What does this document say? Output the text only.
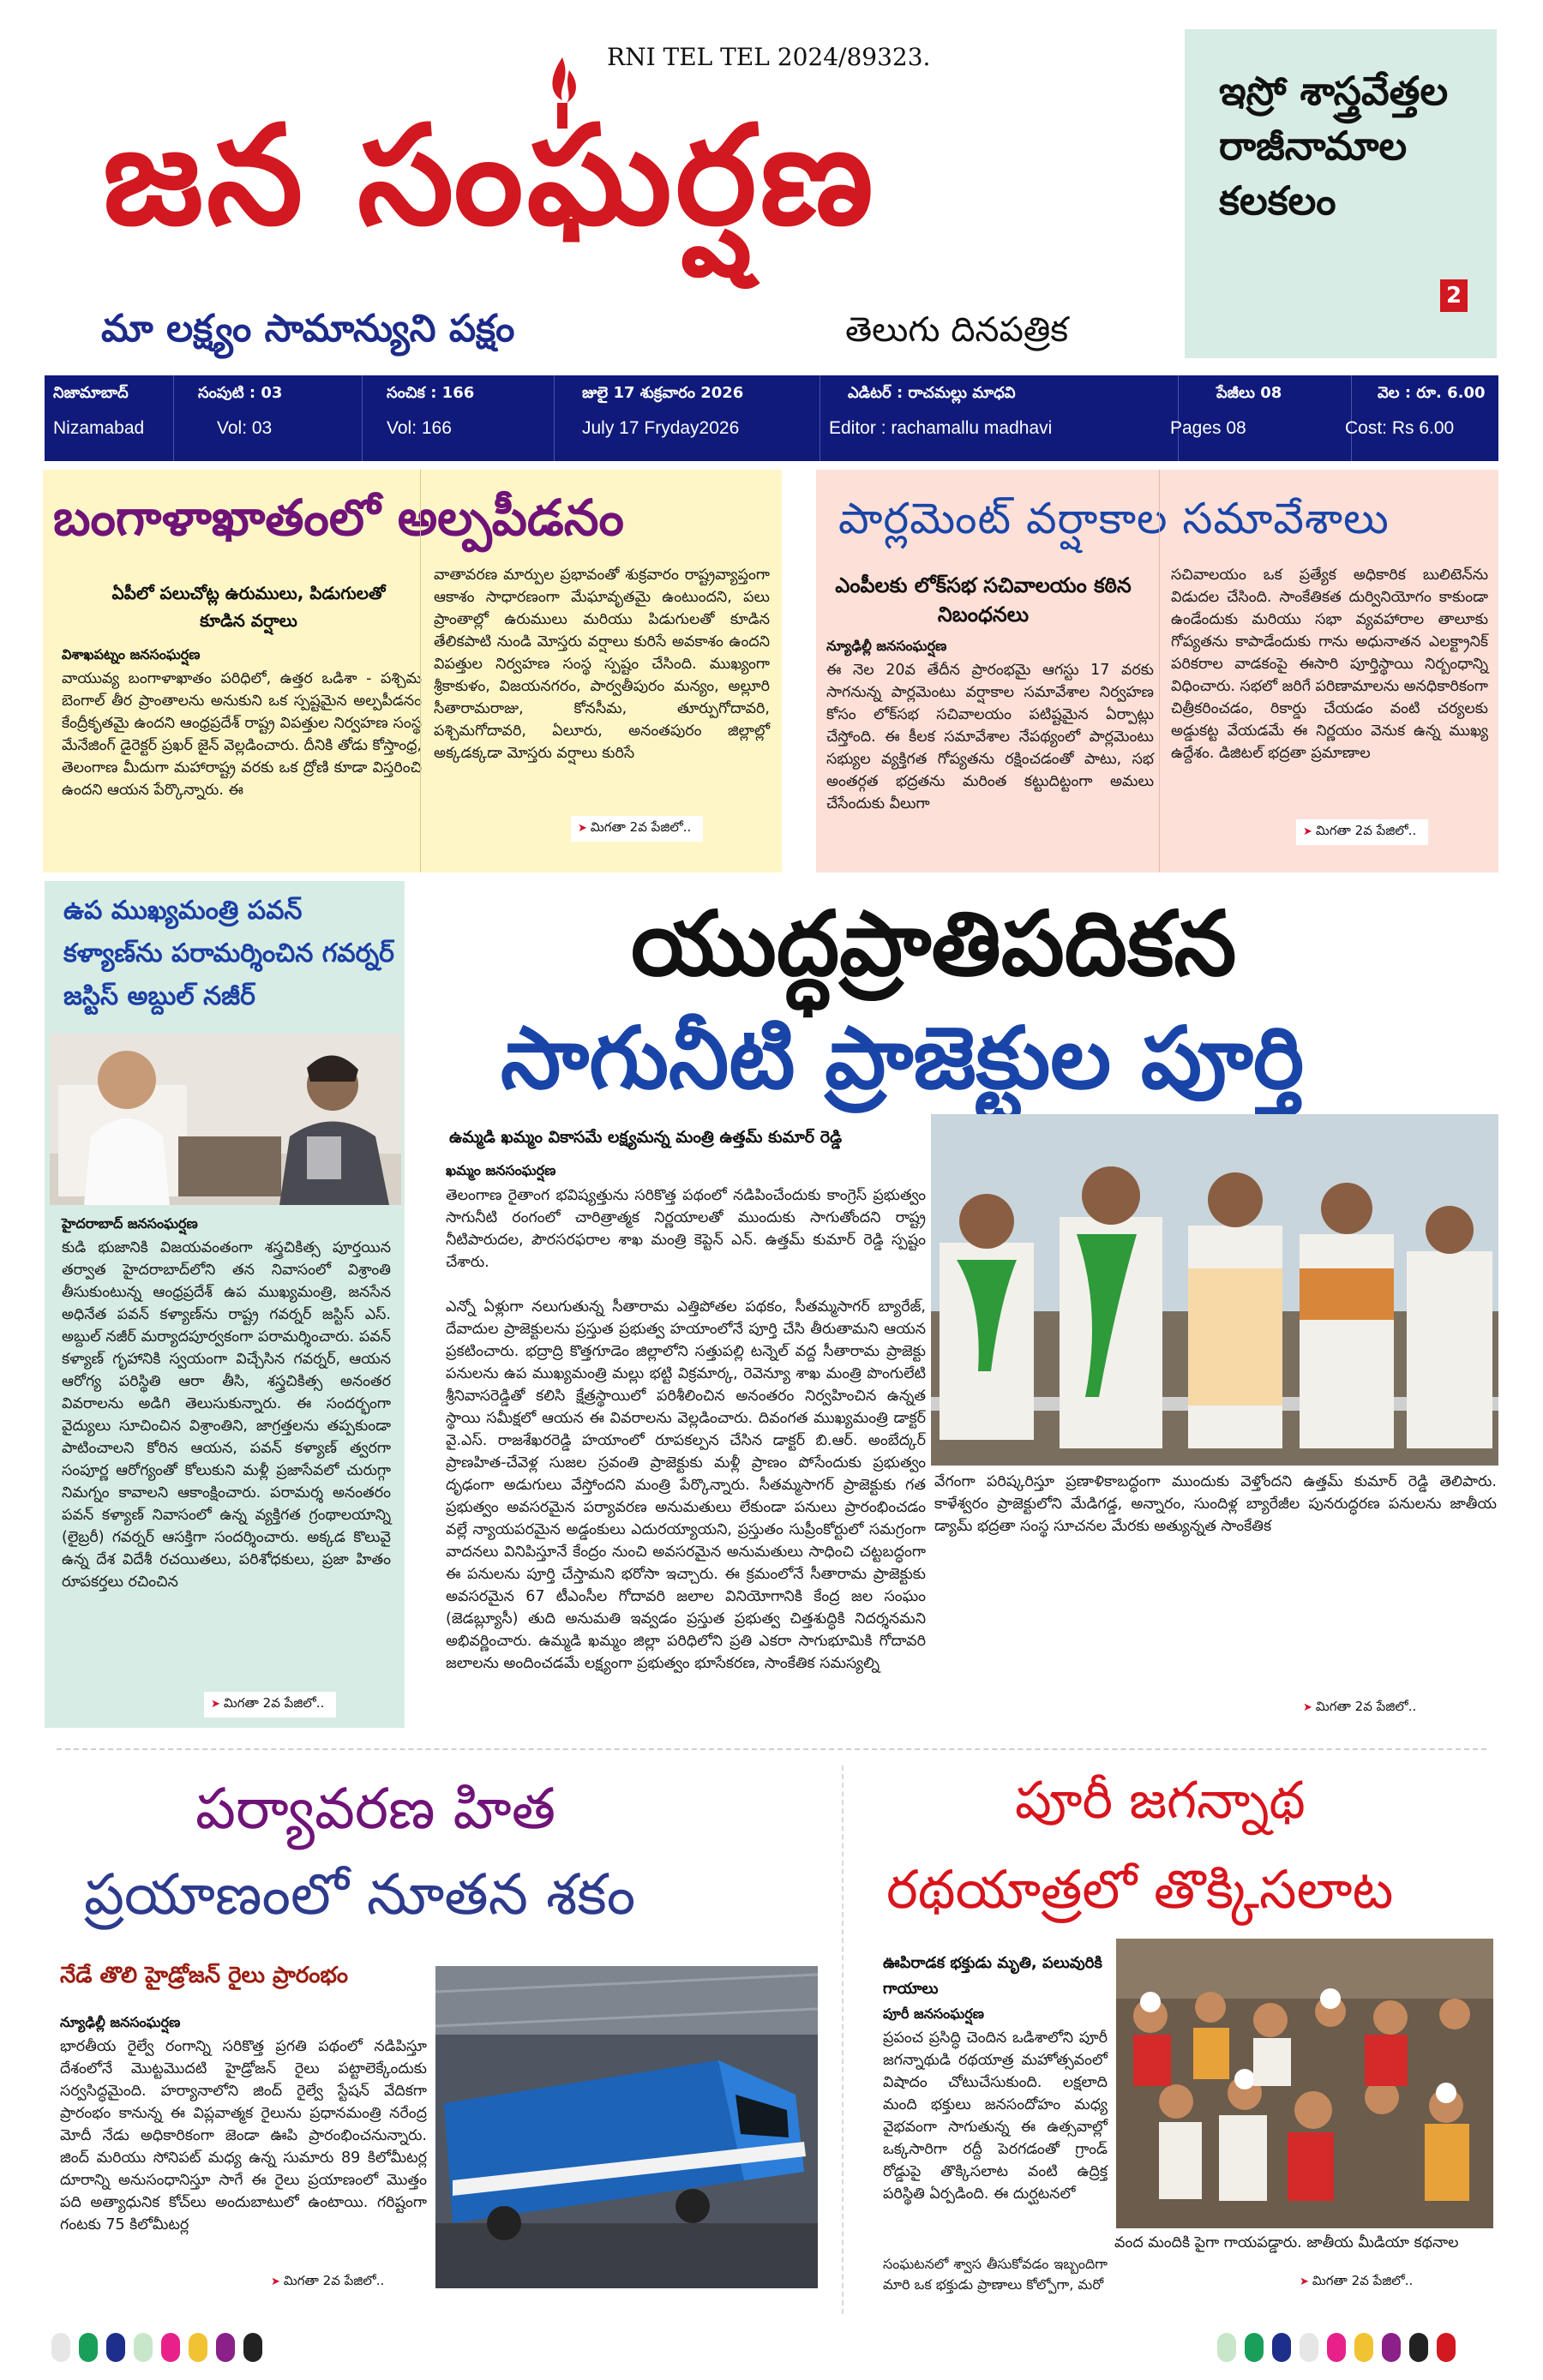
RNI TEL TEL 2024/89323.
జన సంఘర్షణ
మా లక్ష్యం సామాన్యుని పక్షం	తెలుగు దినపత్రిక
ఇస్రో శాస్త్రవేత్తల రాజీనామాల కలకలం
2
నిజామాబాద్
Nizamabad
సంపుటి : 03
Vol: 03
సంచిక : 166
Vol: 166
జులై 17 శుక్రవారం 2026
July 17 Fryday2026
ఎడిటర్ : రాచమల్లు మాధవి
Editor : rachamallu madhavi
పేజీలు 08
Pages 08
వెల : రూ. 6.00
Cost: Rs 6.00
బంగాళాఖాతంలో అల్పపీడనం
ఏపీలో పలుచోట్ల ఉరుములు, పిడుగులతో కూడిన వర్షాలు
విశాఖపట్నం జనసంఘర్షణ
వాయువ్య బంగాళాఖాతం పరిధిలో, ఉత్తర ఒడిశా - పశ్చిమ బెంగాల్ తీర ప్రాంతాలను అనుకుని ఒక స్పష్టమైన అల్పపీడనం కేంద్రీకృతమై ఉందని ఆంధ్రప్రదేశ్ రాష్ట్ర విపత్తుల నిర్వహణ సంస్థ మేనేజింగ్ డైరెక్టర్ ప్రఖర్ జైన్ వెల్లడించారు. దీనికి తోడు కోస్తాంధ్ర, తెలంగాణ మీదుగా మహారాష్ట్ర వరకు ఒక ద్రోణి కూడా విస్తరించి ఉందని ఆయన పేర్కొన్నారు. ఈ
వాతావరణ మార్పుల ప్రభావంతో శుక్రవారం రాష్ట్రవ్యాప్తంగా ఆకాశం సాధారణంగా మేఘావృతమై ఉంటుందని, పలు ప్రాంతాల్లో ఉరుములు మరియు పిడుగులతో కూడిన తేలికపాటి నుండి మోస్తరు వర్షాలు కురిసే అవకాశం ఉందని విపత్తుల నిర్వహణ సంస్థ స్పష్టం చేసింది. ముఖ్యంగా శ్రీకాకుళం, విజయనగరం, పార్వతీపురం మన్యం, అల్లూరి సీతారామరాజు, కోనసీమ, తూర్పుగోదావరి, పశ్చిమగోదావరి, ఏలూరు, అనంతపురం జిల్లాల్లో అక్కడక్కడా మోస్తరు వర్షాలు కురిసే
➤ మిగతా 2వ పేజిలో..
పార్లమెంట్ వర్షాకాల సమావేశాలు
ఎంపీలకు లోక్‌సభ సచివాలయం కఠిన నిబంధనలు
న్యూఢిల్లీ జనసంఘర్షణ
ఈ నెల 20వ తేదీన ప్రారంభమై ఆగస్టు 17 వరకు సాగనున్న పార్లమెంటు వర్షాకాల సమావేశాల నిర్వహణ కోసం లోక్‌సభ సచివాలయం పటిష్టమైన ఏర్పాట్లు చేస్తోంది. ఈ కీలక సమావేశాల నేపథ్యంలో పార్లమెంటు సభ్యుల వ్యక్తిగత గోప్యతను రక్షించడంతో పాటు, సభ అంతర్గత భద్రతను మరింత కట్టుదిట్టంగా అమలు చేసేందుకు వీలుగా
సచివాలయం ఒక ప్రత్యేక అధికారిక బులిటెన్‌ను విడుదల చేసింది. సాంకేతికత దుర్వినియోగం కాకుండా ఉండేందుకు మరియు సభా వ్యవహారాల తాలూకు గోప్యతను కాపాడేందుకు గాను అధునాతన ఎలక్ట్రానిక్ పరికరాల వాడకంపై ఈసారి పూర్తిస్థాయి నిర్బంధాన్ని విధించారు. సభలో జరిగే పరిణామాలను అనధికారికంగా చిత్రీకరించడం, రికార్డు చేయడం వంటి చర్యలకు అడ్డుకట్ట వేయడమే ఈ నిర్ణయం వెనుక ఉన్న ముఖ్య ఉద్దేశం. డిజిటల్ భద్రతా ప్రమాణాల
➤ మిగతా 2వ పేజిలో..
ఉప ముఖ్యమంత్రి పవన్ కళ్యాణ్‌ను పరామర్శించిన గవర్నర్ జస్టిస్ అబ్దుల్ నజీర్
హైదరాబాద్ జనసంఘర్షణ
కుడి భుజానికి విజయవంతంగా శస్త్రచికిత్స పూర్తయిన తర్వాత హైదరాబాద్‌లోని తన నివాసంలో విశ్రాంతి తీసుకుంటున్న ఆంధ్రప్రదేశ్ ఉప ముఖ్యమంత్రి, జనసేన అధినేత పవన్ కళ్యాణ్‌ను రాష్ట్ర గవర్నర్ జస్టిస్ ఎస్. అబ్దుల్ నజీర్ మర్యాదపూర్వకంగా పరామర్శించారు. పవన్ కళ్యాణ్ గృహానికి స్వయంగా విచ్చేసిన గవర్నర్, ఆయన ఆరోగ్య పరిస్థితి ఆరా తీసి, శస్త్రచికిత్స అనంతర వివరాలను అడిగి తెలుసుకున్నారు. ఈ సందర్భంగా వైద్యులు సూచించిన విశ్రాంతిని, జాగ్రత్తలను తప్పకుండా పాటించాలని కోరిన ఆయన, పవన్ కళ్యాణ్ త్వరగా సంపూర్ణ ఆరోగ్యంతో కోలుకుని మళ్లీ ప్రజాసేవలో చురుగ్గా నిమగ్నం కావాలని ఆకాంక్షించారు. పరామర్శ అనంతరం పవన్ కళ్యాణ్ నివాసంలో ఉన్న వ్యక్తిగత గ్రంథాలయాన్ని (లైబ్రరీ) గవర్నర్ ఆసక్తిగా సందర్శించారు. అక్కడ కొలువై ఉన్న దేశ విదేశీ రచయితలు, పరిశోధకులు, ప్రజా హితం రూపకర్తలు రచించిన
➤ మిగతా 2వ పేజిలో..
యుద్ధప్రాతిపదికన
సాగునీటి ప్రాజెక్టుల పూర్తి
ఉమ్మడి ఖమ్మం వికాసమే లక్ష్యమన్న మంత్రి ఉత్తమ్ కుమార్ రెడ్డి
ఖమ్మం జనసంఘర్షణ
తెలంగాణ రైతాంగ భవిష్యత్తును సరికొత్త పథంలో నడిపించేందుకు కాంగ్రెస్ ప్రభుత్వం సాగునీటి రంగంలో చారిత్రాత్మక నిర్ణయాలతో ముందుకు సాగుతోందని రాష్ట్ర నీటిపారుదల, పౌరసరఫరాల శాఖ మంత్రి కెప్టెన్ ఎన్. ఉత్తమ్ కుమార్ రెడ్డి స్పష్టం చేశారు.
ఎన్నో ఏళ్లుగా నలుగుతున్న సీతారామ ఎత్తిపోతల పథకం, సీతమ్మసాగర్ బ్యారేజ్, దేవాదుల ప్రాజెక్టులను ప్రస్తుత ప్రభుత్వ హయాంలోనే పూర్తి చేసి తీరుతామని ఆయన ప్రకటించారు. భద్రాద్రి కొత్తగూడెం జిల్లాలోని సత్తుపల్లి టన్నెల్ వద్ద సీతారామ ప్రాజెక్టు పనులను ఉప ముఖ్యమంత్రి మల్లు భట్టి విక్రమార్క, రెవెన్యూ శాఖ మంత్రి పొంగులేటి శ్రీనివాసరెడ్డితో కలిసి క్షేత్రస్థాయిలో పరిశీలించిన అనంతరం నిర్వహించిన ఉన్నత స్థాయి సమీక్షలో ఆయన ఈ వివరాలను వెల్లడించారు. దివంగత ముఖ్యమంత్రి డాక్టర్ వై.ఎస్. రాజశేఖరరెడ్డి హయాంలో రూపకల్పన చేసిన డాక్టర్ బి.ఆర్. అంబేద్కర్ ప్రాణహిత-చేవెళ్ల సుజల స్రవంతి ప్రాజెక్టుకు మళ్లీ ప్రాణం పోసేందుకు ప్రభుత్వం దృఢంగా అడుగులు వేస్తోందని మంత్రి పేర్కొన్నారు. సీతమ్మసాగర్ ప్రాజెక్టుకు గత ప్రభుత్వం అవసరమైన పర్యావరణ అనుమతులు లేకుండా పనులు ప్రారంభించడం వల్లే న్యాయపరమైన అడ్డంకులు ఎదురయ్యాయని, ప్రస్తుతం సుప్రీంకోర్టులో సమగ్రంగా వాదనలు వినిపిస్తూనే కేంద్రం నుంచి అవసరమైన అనుమతులు సాధించి చట్టబద్ధంగా ఈ పనులను పూర్తి చేస్తామని భరోసా ఇచ్చారు. ఈ క్రమంలోనే సీతారామ ప్రాజెక్టుకు అవసరమైన 67 టీఎంసీల గోదావరి జలాల వినియోగానికి కేంద్ర జల సంఘం (జెడబ్ల్యూసీ) తుది అనుమతి ఇవ్వడం ప్రస్తుత ప్రభుత్వ చిత్తశుద్ధికి నిదర్శనమని అభివర్ణించారు. ఉమ్మడి ఖమ్మం జిల్లా పరిధిలోని ప్రతి ఎకరా సాగుభూమికి గోదావరి జలాలను అందించడమే లక్ష్యంగా ప్రభుత్వం భూసేకరణ, సాంకేతిక సమస్యల్ని
వేగంగా పరిష్కరిస్తూ ప్రణాళికాబద్ధంగా ముందుకు వెళ్తోందని ఉత్తమ్ కుమార్ రెడ్డి తెలిపారు. కాళేశ్వరం ప్రాజెక్టులోని మేడిగడ్డ, అన్నారం, సుందిళ్ల బ్యారేజీల పునరుద్ధరణ పనులను జాతీయ డ్యామ్ భద్రతా సంస్థ సూచనల మేరకు అత్యున్నత సాంకేతిక
➤ మిగతా 2వ పేజిలో..
పర్యావరణ హిత
ప్రయాణంలో నూతన శకం
నేడే తొలి హైడ్రోజన్ రైలు ప్రారంభం
న్యూఢిల్లీ జనసంఘర్షణ
భారతీయ రైల్వే రంగాన్ని సరికొత్త ప్రగతి పథంలో నడిపిస్తూ దేశంలోనే మొట్టమొదటి హైడ్రోజన్ రైలు పట్టాలెక్కేందుకు సర్వసిద్ధమైంది. హర్యానాలోని జింద్ రైల్వే స్టేషన్ వేదికగా ప్రారంభం కానున్న ఈ విప్లవాత్మక రైలును ప్రధానమంత్రి నరేంద్ర మోదీ నేడు అధికారికంగా జెండా ఊపి ప్రారంభించనున్నారు. జింద్ మరియు సోనిపట్ మధ్య ఉన్న సుమారు 89 కిలోమీటర్ల దూరాన్ని అనుసంధానిస్తూ సాగే ఈ రైలు ప్రయాణంలో మొత్తం పది అత్యాధునిక కోచ్‌లు అందుబాటులో ఉంటాయి. గరిష్టంగా గంటకు 75 కిలోమీటర్ల
➤ మిగతా 2వ పేజిలో..
పూరీ జగన్నాథ
రథయాత్రలో తొక్కిసలాట
ఊపిరాడక భక్తుడు మృతి, పలువురికి గాయాలు
పూరీ జనసంఘర్షణ
ప్రపంచ ప్రసిద్ధి చెందిన ఒడిశాలోని పూరీ జగన్నాథుడి రథయాత్ర మహోత్సవంలో విషాదం చోటుచేసుకుంది. లక్షలాది మంది భక్తులు జనసందోహం మధ్య వైభవంగా సాగుతున్న ఈ ఉత్సవాల్లో ఒక్కసారిగా రద్దీ పెరగడంతో గ్రాండ్ రోడ్డుపై తొక్కిసలాట వంటి ఉద్రిక్త పరిస్థితి ఏర్పడింది. ఈ దుర్ఘటనలో
వంద మందికి పైగా గాయపడ్డారు. జాతీయ మీడియా కథనాల
సంఘటనలో శ్వాస తీసుకోవడం ఇబ్బందిగా మారి ఒక భక్తుడు ప్రాణాలు కోల్పోగా, మరో	➤ మిగతా 2వ పేజిలో..
